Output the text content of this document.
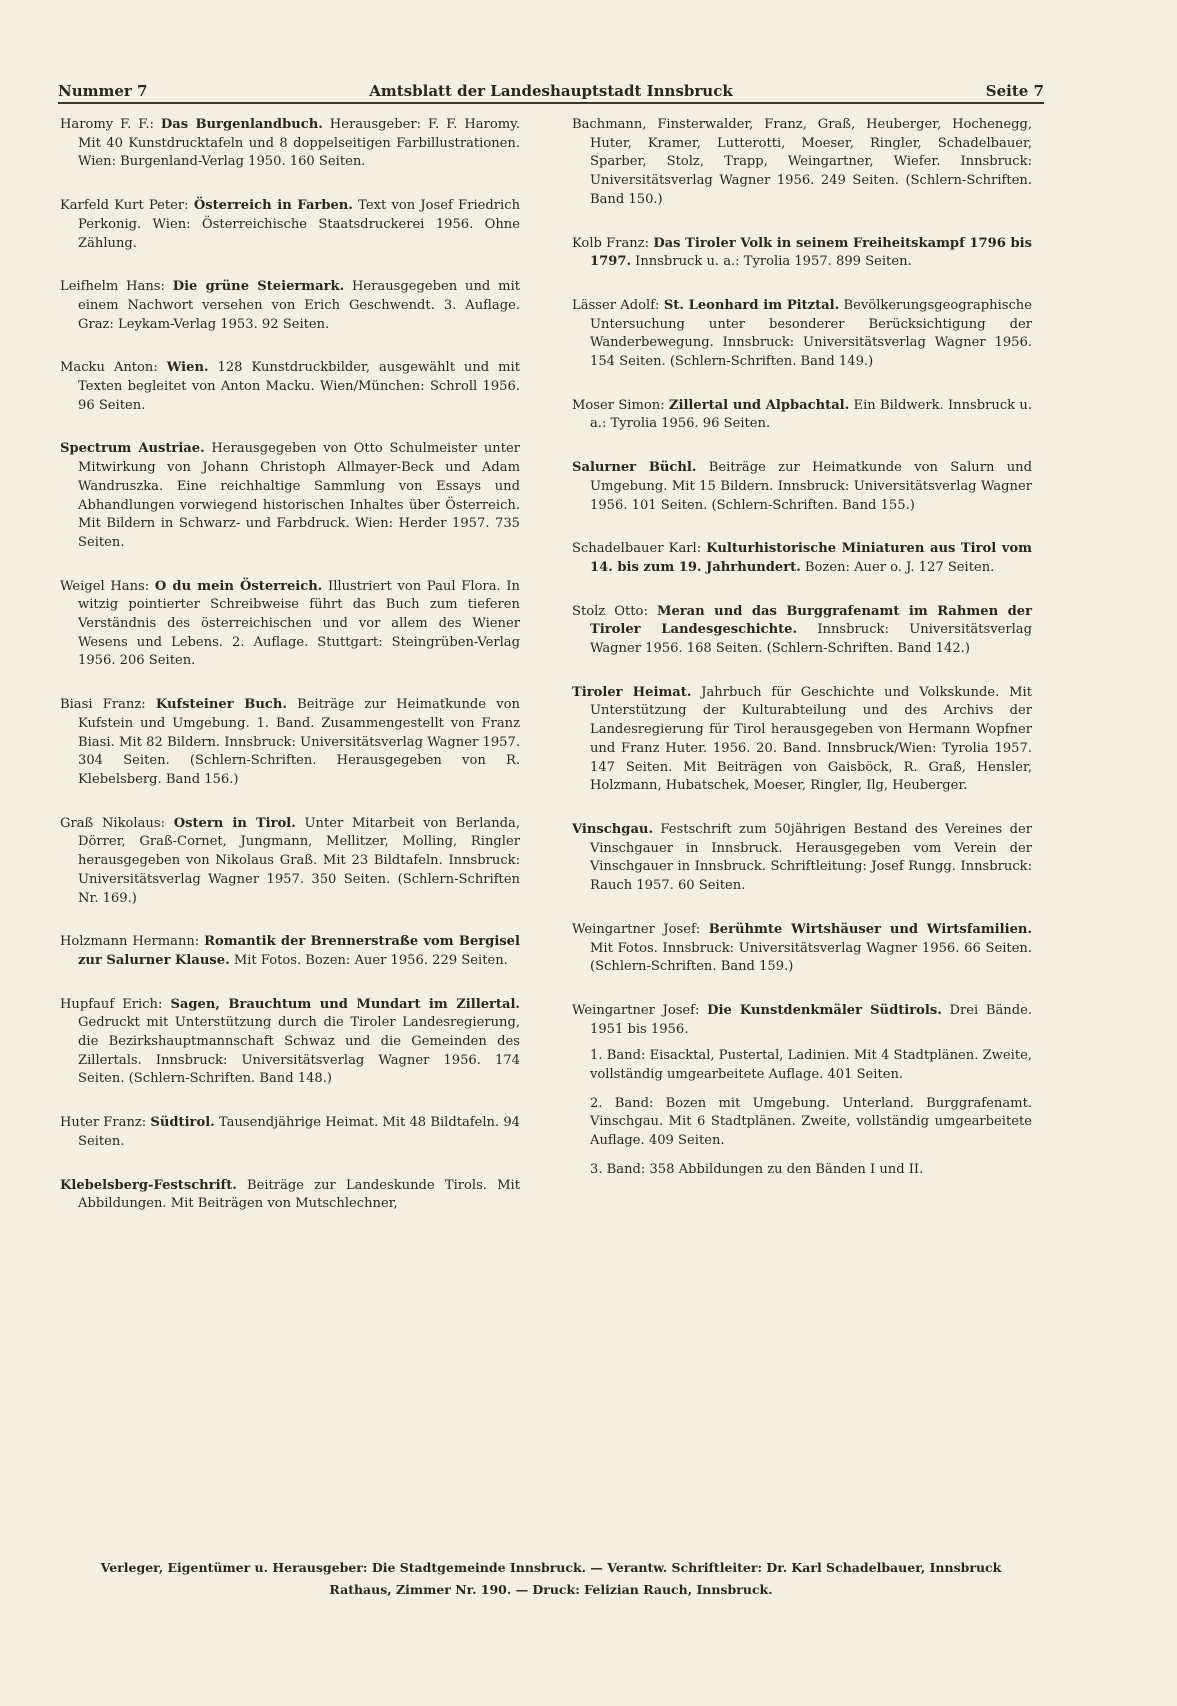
Nummer 7	Amtsblatt der Landeshauptstadt Innsbruck	Seite 7

Haromy F. F.: Das Burgenlandbuch. Herausgeber: F. F. Haromy. Mit 40 Kunstdrucktafeln und 8 doppelseitigen Farbillustrationen. Wien: Burgenland-Verlag 1950. 160 Seiten.

Karfeld Kurt Peter: Österreich in Farben. Text von Josef Friedrich Perkonig. Wien: Österreichische Staatsdruckerei 1956. Ohne Zählung.

Leifhelm Hans: Die grüne Steiermark. Herausgegeben und mit einem Nachwort versehen von Erich Geschwendt. 3. Auflage. Graz: Leykam-Verlag 1953. 92 Seiten.

Macku Anton: Wien. 128 Kunstdruckbilder, ausgewählt und mit Texten begleitet von Anton Macku. Wien/München: Schroll 1956. 96 Seiten.

Spectrum Austriae. Herausgegeben von Otto Schulmeister unter Mitwirkung von Johann Christoph Allmayer-Beck und Adam Wandruszka. Eine reichhaltige Sammlung von Essays und Abhandlungen vorwiegend historischen Inhaltes über Österreich. Mit Bildern in Schwarz- und Farbdruck. Wien: Herder 1957. 735 Seiten.

Weigel Hans: O du mein Österreich. Illustriert von Paul Flora. In witzig pointierter Schreibweise führt das Buch zum tieferen Verständnis des österreichischen und vor allem des Wiener Wesens und Lebens. 2. Auflage. Stuttgart: Steingrüben-Verlag 1956. 206 Seiten.

Biasi Franz: Kufsteiner Buch. Beiträge zur Heimatkunde von Kufstein und Umgebung. 1. Band. Zusammengestellt von Franz Biasi. Mit 82 Bildern. Innsbruck: Universitätsverlag Wagner 1957. 304 Seiten. (Schlern-Schriften. Herausgegeben von R. Klebelsberg. Band 156.)

Graß Nikolaus: Ostern in Tirol. Unter Mitarbeit von Berlanda, Dörrer, Graß-Cornet, Jungmann, Mellitzer, Molling, Ringler herausgegeben von Nikolaus Graß. Mit 23 Bildtafeln. Innsbruck: Universitätsverlag Wagner 1957. 350 Seiten. (Schlern-Schriften Nr. 169.)

Holzmann Hermann: Romantik der Brennerstraße vom Bergisel zur Salurner Klause. Mit Fotos. Bozen: Auer 1956. 229 Seiten.

Hupfauf Erich: Sagen, Brauchtum und Mundart im Zillertal. Gedruckt mit Unterstützung durch die Tiroler Landesregierung, die Bezirkshauptmannschaft Schwaz und die Gemeinden des Zillertals. Innsbruck: Universitätsverlag Wagner 1956. 174 Seiten. (Schlern-Schriften. Band 148.)

Huter Franz: Südtirol. Tausendjährige Heimat. Mit 48 Bildtafeln. 94 Seiten.

Klebelsberg-Festschrift. Beiträge zur Landeskunde Tirols. Mit Abbildungen. Mit Beiträgen von Mutschlechner,

Bachmann, Finsterwalder, Franz, Graß, Heuberger, Hochenegg, Huter, Kramer, Lutterotti, Moeser, Ringler, Schadelbauer, Sparber, Stolz, Trapp, Weingartner, Wiefer. Innsbruck: Universitätsverlag Wagner 1956. 249 Seiten. (Schlern-Schriften. Band 150.)

Kolb Franz: Das Tiroler Volk in seinem Freiheitskampf 1796 bis 1797. Innsbruck u. a.: Tyrolia 1957. 899 Seiten.

Lässer Adolf: St. Leonhard im Pitztal. Bevölkerungsgeographische Untersuchung unter besonderer Berücksichtigung der Wanderbewegung. Innsbruck: Universitätsverlag Wagner 1956. 154 Seiten. (Schlern-Schriften. Band 149.)

Moser Simon: Zillertal und Alpbachtal. Ein Bildwerk. Innsbruck u. a.: Tyrolia 1956. 96 Seiten.

Salurner Büchl. Beiträge zur Heimatkunde von Salurn und Umgebung. Mit 15 Bildern. Innsbruck: Universitätsverlag Wagner 1956. 101 Seiten. (Schlern-Schriften. Band 155.)

Schadelbauer Karl: Kulturhistorische Miniaturen aus Tirol vom 14. bis zum 19. Jahrhundert. Bozen: Auer o. J. 127 Seiten.

Stolz Otto: Meran und das Burggrafenamt im Rahmen der Tiroler Landesgeschichte. Innsbruck: Universitätsverlag Wagner 1956. 168 Seiten. (Schlern-Schriften. Band 142.)

Tiroler Heimat. Jahrbuch für Geschichte und Volkskunde. Mit Unterstützung der Kulturabteilung und des Archivs der Landesregierung für Tirol herausgegeben von Hermann Wopfner und Franz Huter. 1956. 20. Band. Innsbruck/Wien: Tyrolia 1957. 147 Seiten. Mit Beiträgen von Gaisböck, R. Graß, Hensler, Holzmann, Hubatschek, Moeser, Ringler, Ilg, Heuberger.

Vinschgau. Festschrift zum 50jährigen Bestand des Vereines der Vinschgauer in Innsbruck. Herausgegeben vom Verein der Vinschgauer in Innsbruck. Schriftleitung: Josef Rungg. Innsbruck: Rauch 1957. 60 Seiten.

Weingartner Josef: Berühmte Wirtshäuser und Wirtsfamilien. Mit Fotos. Innsbruck: Universitätsverlag Wagner 1956. 66 Seiten. (Schlern-Schriften. Band 159.)

Weingartner Josef: Die Kunstdenkmäler Südtirols. Drei Bände. 1951 bis 1956.

1. Band: Eisacktal, Pustertal, Ladinien. Mit 4 Stadtplänen. Zweite, vollständig umgearbeitete Auflage. 401 Seiten.

2. Band: Bozen mit Umgebung. Unterland. Burggrafenamt. Vinschgau. Mit 6 Stadtplänen. Zweite, vollständig umgearbeitete Auflage. 409 Seiten.

3. Band: 358 Abbildungen zu den Bänden I und II.

Verleger, Eigentümer u. Herausgeber: Die Stadtgemeinde Innsbruck. — Verantw. Schriftleiter: Dr. Karl Schadelbauer, Innsbruck
Rathaus, Zimmer Nr. 190. — Druck: Felizian Rauch, Innsbruck.
